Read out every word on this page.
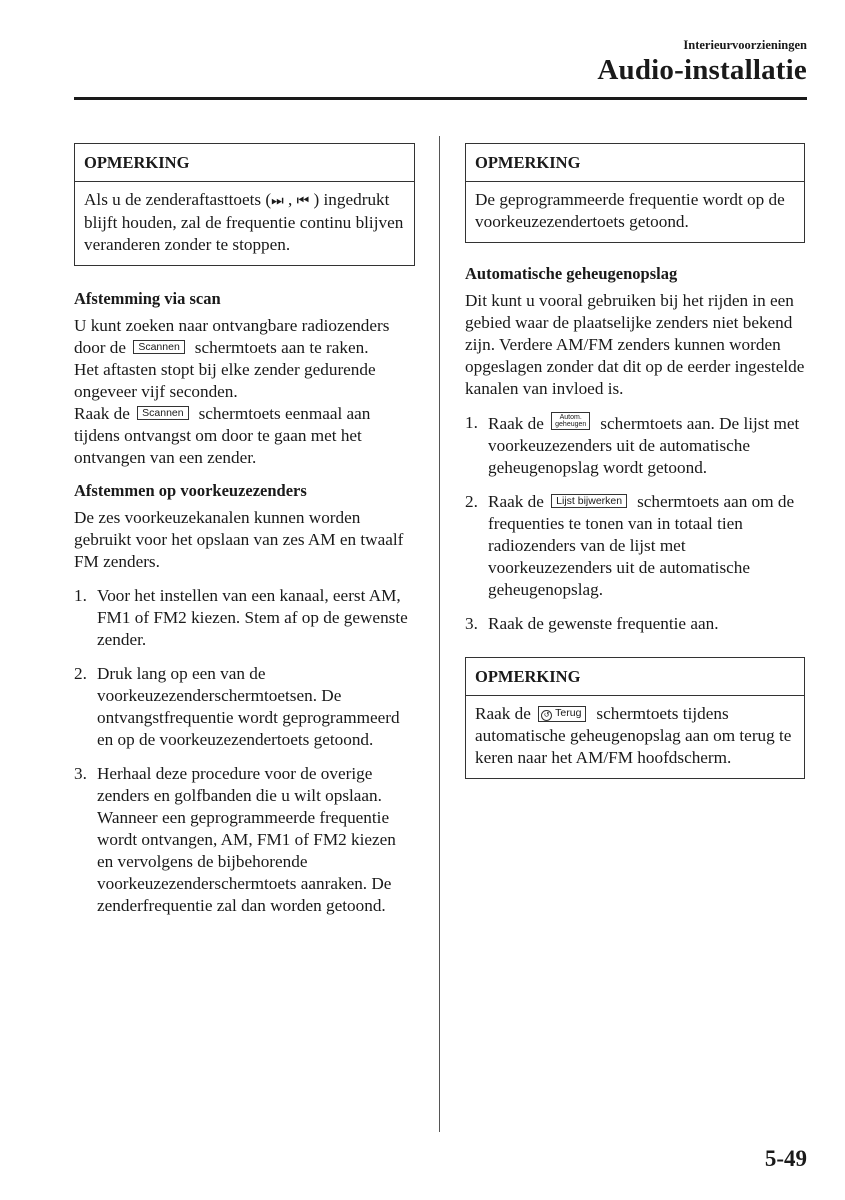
Interieurvoorzieningen
Audio-installatie
OPMERKING
Als u de zenderaftasttoets (⏭ , ⏮ ) ingedrukt blijft houden, zal de frequentie continu blijven veranderen zonder te stoppen.

Afstemming via scan

U kunt zoeken naar ontvangbare radiozenders door de Scannen schermtoets aan te raken.

Het aftasten stopt bij elke zender gedurende ongeveer vijf seconden.

Raak de Scannen schermtoets eenmaal aan tijdens ontvangst om door te gaan met het ontvangen van een zender.

Afstemmen op voorkeuzezenders

De zes voorkeuzekanalen kunnen worden gebruikt voor het opslaan van zes AM en twaalf FM zenders.

1. Voor het instellen van een kanaal, eerst AM, FM1 of FM2 kiezen. Stem af op de gewenste zender.
2. Druk lang op een van de voorkeuzezenderschermtoetsen. De ontvangstfrequentie wordt geprogrammeerd en op de voorkeuzezendertoets getoond.
3. Herhaal deze procedure voor de overige zenders en golfbanden die u wilt opslaan. Wanneer een geprogrammeerde frequentie wordt ontvangen, AM, FM1 of FM2 kiezen en vervolgens de bijbehorende voorkeuzezenderschermtoets aanraken. De zenderfrequentie zal dan worden getoond.
OPMERKING
De geprogrammeerde frequentie wordt op de voorkeuzezendertoets getoond.

Automatische geheugenopslag

Dit kunt u vooral gebruiken bij het rijden in een gebied waar de plaatselijke zenders niet bekend zijn. Verdere AM/FM zenders kunnen worden opgeslagen zonder dat dit op de eerder ingestelde kanalen van invloed is.

1. Raak de	Autom.
geheugen schermtoets aan. De lijst met voorkeuzezenders uit de automatische geheugenopslag wordt getoond.
2. Raak de Lijst bijwerken schermtoets aan om de frequenties te tonen van in totaal tien radiozenders van de lijst met voorkeuzezenders uit de automatische geheugenopslag.
3. Raak de gewenste frequentie aan.
OPMERKING
Raak de ↺ Terug schermtoets tijdens automatische geheugenopslag aan om terug te keren naar het AM/FM hoofdscherm.
5-49
